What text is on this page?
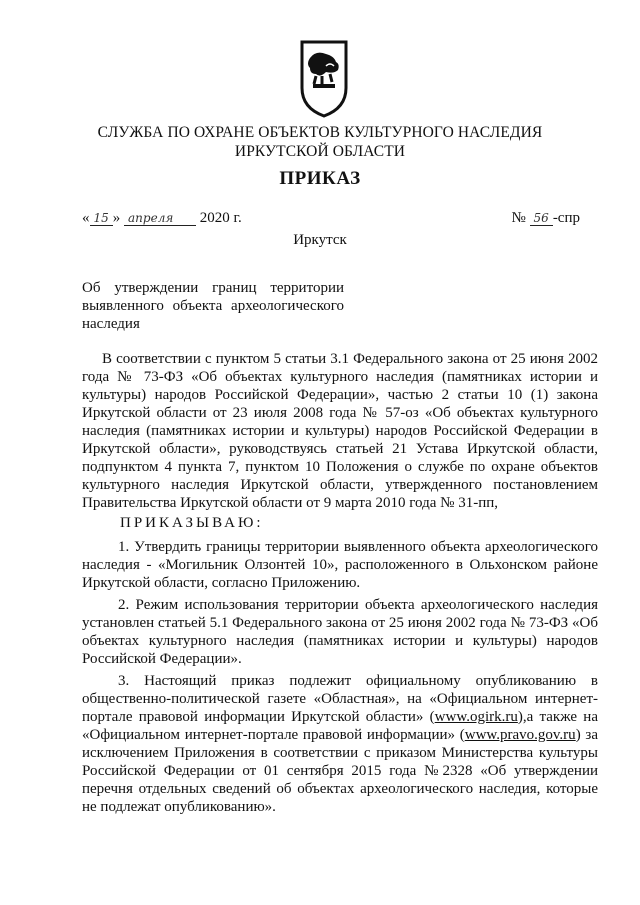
СЛУЖБА ПО ОХРАНЕ ОБЪЕКТОВ КУЛЬТУРНОГО НАСЛЕДИЯ
ИРКУТСКОЙ ОБЛАСТИ
ПРИКАЗ
« 15 » апреля 2020 г.	№ 56 -спр
Иркутск
Об утверждении границ территории выявленного объекта археологического наследия
В соответствии с пунктом 5 статьи 3.1 Федерального закона от 25 июня 2002 года № 73-ФЗ «Об объектах культурного наследия (памятниках истории и культуры) народов Российской Федерации», частью 2 статьи 10 (1) закона Иркутской области от 23 июля 2008 года № 57-оз «Об объектах культурного наследия (памятниках истории и культуры) народов Российской Федерации в Иркутской области», руководствуясь статьей 21 Устава Иркутской области, подпунктом 4 пункта 7, пунктом 10 Положения о службе по охране объектов культурного наследия Иркутской области, утвержденного постановлением Правительства Иркутской области от 9 марта 2010 года № 31-пп,
ПРИКАЗЫВАЮ:
1. Утвердить границы территории выявленного объекта археологического наследия - «Могильник Олзонтей 10», расположенного в Ольхонском районе Иркутской области, согласно Приложению.
2. Режим использования территории объекта археологического наследия установлен статьей 5.1 Федерального закона от 25 июня 2002 года № 73-ФЗ «Об объектах культурного наследия (памятниках истории и культуры) народов Российской Федерации».
3. Настоящий приказ подлежит официальному опубликованию в общественно-политической газете «Областная», на «Официальном интернет-портале правовой информации Иркутской области» (www.ogirk.ru),а также на «Официальном интернет-портале правовой информации» (www.pravo.gov.ru) за исключением Приложения в соответствии с приказом Министерства культуры Российской Федерации от 01 сентября 2015 года №2328 «Об утверждении перечня отдельных сведений об объектах археологического наследия, которые не подлежат опубликованию».
